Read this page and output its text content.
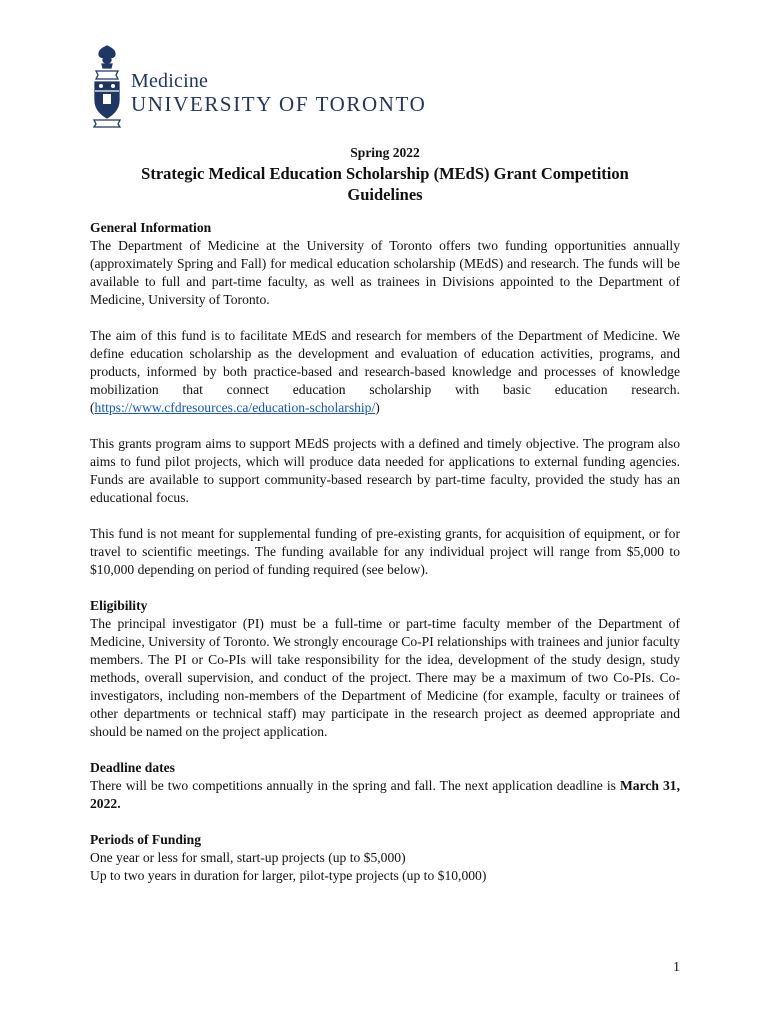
Medicine
UNIVERSITY OF TORONTO
Spring 2022
Strategic Medical Education Scholarship (MEdS) Grant Competition
Guidelines
General Information

The Department of Medicine at the University of Toronto offers two funding opportunities annually (approximately Spring and Fall) for medical education scholarship (MEdS) and research. The funds will be available to full and part-time faculty, as well as trainees in Divisions appointed to the Department of Medicine, University of Toronto.

The aim of this fund is to facilitate MEdS and research for members of the Department of Medicine. We define education scholarship as the development and evaluation of education activities, programs, and products, informed by both practice-based and research-based knowledge and processes of knowledge mobilization that connect education scholarship with basic education research. (https://www.cfdresources.ca/education-scholarship/)

This grants program aims to support MEdS projects with a defined and timely objective. The program also aims to fund pilot projects, which will produce data needed for applications to external funding agencies. Funds are available to support community-based research by part-time faculty, provided the study has an educational focus.

This fund is not meant for supplemental funding of pre-existing grants, for acquisition of equipment, or for travel to scientific meetings. The funding available for any individual project will range from $5,000 to $10,000 depending on period of funding required (see below).

Eligibility

The principal investigator (PI) must be a full-time or part-time faculty member of the Department of Medicine, University of Toronto. We strongly encourage Co-PI relationships with trainees and junior faculty members. The PI or Co-PIs will take responsibility for the idea, development of the study design, study methods, overall supervision, and conduct of the project. There may be a maximum of two Co-PIs. Co-investigators, including non-members of the Department of Medicine (for example, faculty or trainees of other departments or technical staff) may participate in the research project as deemed appropriate and should be named on the project application.

Deadline dates

There will be two competitions annually in the spring and fall. The next application deadline is March 31, 2022.

Periods of Funding
One year or less for small, start-up projects (up to $5,000)
Up to two years in duration for larger, pilot-type projects (up to $10,000)
1
